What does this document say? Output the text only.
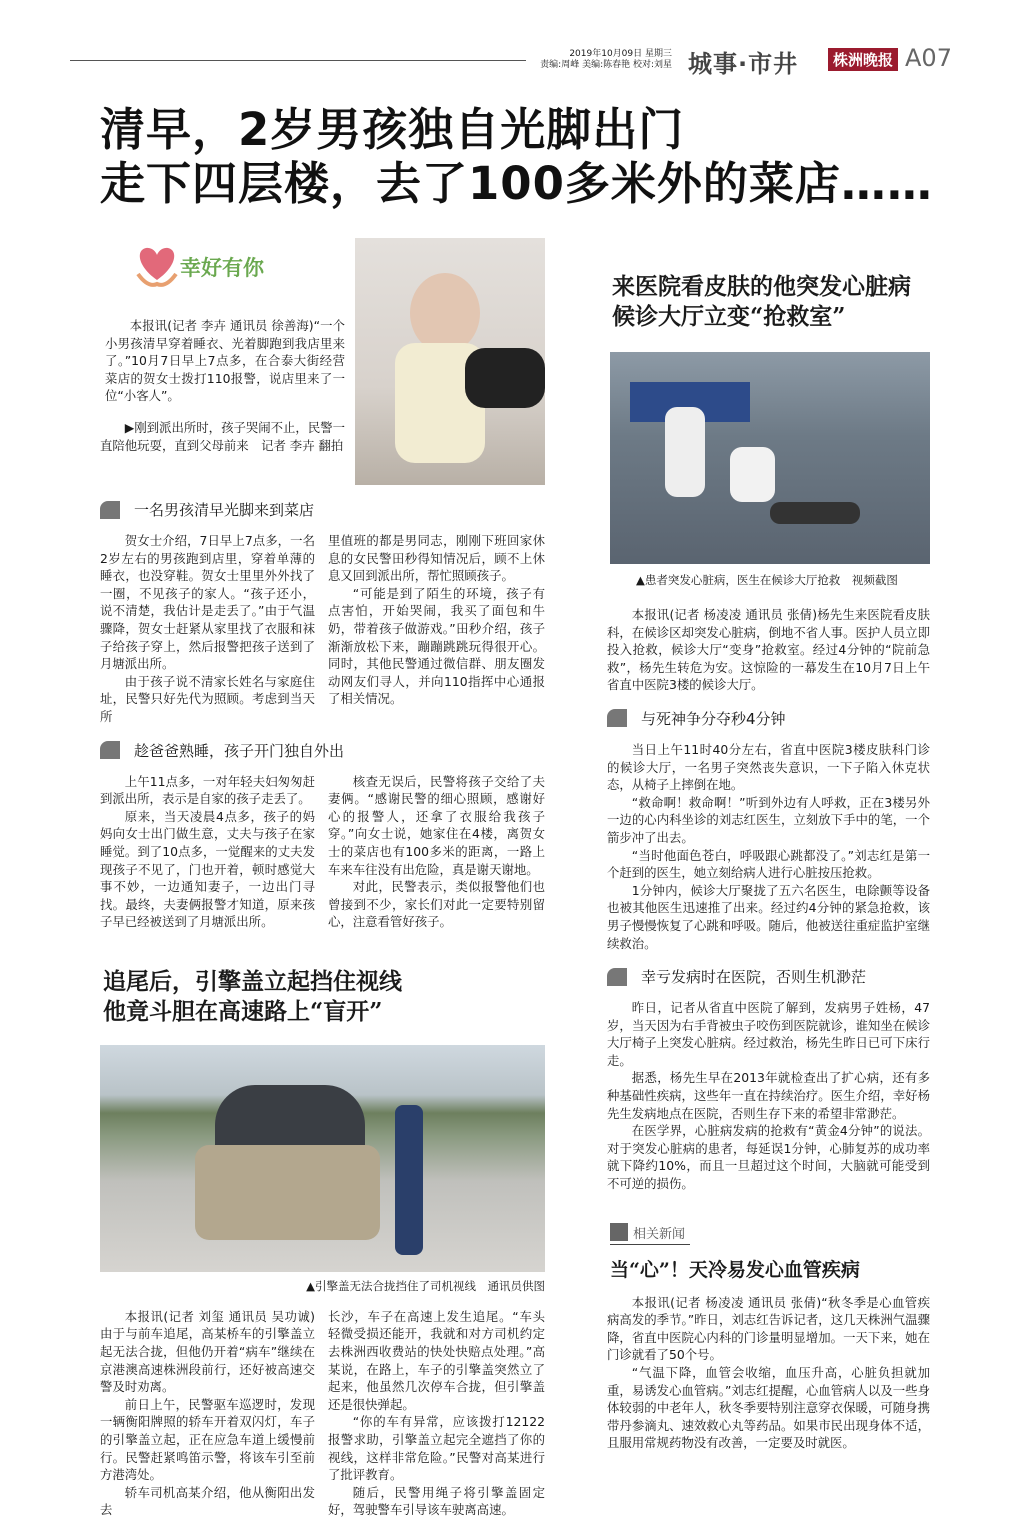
2019年10月09日 星期三
责编:周峰 美编:陈春艳 校对:刘星 城事·市井	株洲晚报 A07
清早，2岁男孩独自光脚出门
走下四层楼，去了100多米外的菜店……
幸好有你

本报讯(记者 李卉 通讯员 徐善海)“一个小男孩清早穿着睡衣、光着脚跑到我店里来了。”10月7日早上7点多，在合泰大街经营菜店的贺女士拨打110报警，说店里来了一位“小客人”。

▶刚到派出所时，孩子哭闹不止，民警一直陪他玩耍，直到父母前来　记者 李卉 翻拍

一名男孩清早光脚来到菜店

贺女士介绍，7日早上7点多，一名2岁左右的男孩跑到店里，穿着单薄的睡衣，也没穿鞋。贺女士里里外外找了一圈，不见孩子的家人。“孩子还小，说不清楚，我估计是走丢了。”由于气温骤降，贺女士赶紧从家里找了衣服和袜子给孩子穿上，然后报警把孩子送到了月塘派出所。

由于孩子说不清家长姓名与家庭住址，民警只好先代为照顾。考虑到当天所

里值班的都是男同志，刚刚下班回家休息的女民警田秒得知情况后，顾不上休息又回到派出所，帮忙照顾孩子。

“可能是到了陌生的环境，孩子有点害怕，开始哭闹，我买了面包和牛奶，带着孩子做游戏。”田秒介绍，孩子渐渐放松下来，蹦蹦跳跳玩得很开心。同时，其他民警通过微信群、朋友圈发动网友们寻人，并向110指挥中心通报了相关情况。

趁爸爸熟睡，孩子开门独自外出

上午11点多，一对年轻夫妇匆匆赶到派出所，表示是自家的孩子走丢了。

原来，当天凌晨4点多，孩子的妈妈向女士出门做生意，丈夫与孩子在家睡觉。到了10点多，一觉醒来的丈夫发现孩子不见了，门也开着，顿时感觉大事不妙，一边通知妻子，一边出门寻找。最终，夫妻俩报警才知道，原来孩子早已经被送到了月塘派出所。

核查无误后，民警将孩子交给了夫妻俩。“感谢民警的细心照顾，感谢好心的报警人，还拿了衣服给我孩子穿。”向女士说，她家住在4楼，离贺女士的菜店也有100多米的距离，一路上车来车往没有出危险，真是谢天谢地。

对此，民警表示，类似报警他们也曾接到不少，家长们对此一定要特别留心，注意看管好孩子。

追尾后，引擎盖立起挡住视线
他竟斗胆在高速路上“盲开”
▲引擎盖无法合拢挡住了司机视线　通讯员供图

本报讯(记者 刘玺 通讯员 吴功诚)由于与前车追尾，高某桥车的引擎盖立起无法合拢，但他仍开着“病车”继续在京港澳高速株洲段前行，还好被高速交警及时劝离。

前日上午，民警驱车巡逻时，发现一辆衡阳牌照的轿车开着双闪灯，车子的引擎盖立起，正在应急车道上缓慢前行。民警赶紧鸣笛示警，将该车引至前方港湾处。

轿车司机高某介绍，他从衡阳出发去

长沙，车子在高速上发生追尾。“车头轻微受损还能开，我就和对方司机约定去株洲西收费站的快处快赔点处理。”高某说，在路上，车子的引擎盖突然立了起来，他虽然几次停车合拢，但引擎盖还是很快弹起。

“你的车有异常，应该拨打12122报警求助，引擎盖立起完全遮挡了你的视线，这样非常危险。”民警对高某进行了批评教育。

随后，民警用绳子将引擎盖固定好，驾驶警车引导该车驶离高速。

来医院看皮肤的他突发心脏病
候诊大厅立变“抢救室”
▲患者突发心脏病，医生在候诊大厅抢救　视频截图

本报讯(记者 杨凌凌 通讯员 张倩)杨先生来医院看皮肤科，在候诊区却突发心脏病，倒地不省人事。医护人员立即投入抢救，候诊大厅“变身”抢救室。经过4分钟的“院前急救”，杨先生转危为安。这惊险的一幕发生在10月7日上午省直中医院3楼的候诊大厅。

与死神争分夺秒4分钟

当日上午11时40分左右，省直中医院3楼皮肤科门诊的候诊大厅，一名男子突然丧失意识，一下子陷入休克状态，从椅子上摔倒在地。

“救命啊！救命啊！”听到外边有人呼救，正在3楼另外一边的心内科坐诊的刘志红医生，立刻放下手中的笔，一个箭步冲了出去。

“当时他面色苍白，呼吸跟心跳都没了。”刘志红是第一个赶到的医生，她立刻给病人进行心脏按压抢救。

1分钟内，候诊大厅聚拢了五六名医生，电除颤等设备也被其他医生迅速推了出来。经过约4分钟的紧急抢救，该男子慢慢恢复了心跳和呼吸。随后，他被送往重症监护室继续救治。

幸亏发病时在医院，否则生机渺茫

昨日，记者从省直中医院了解到，发病男子姓杨，47岁，当天因为右手背被虫子咬伤到医院就诊，谁知坐在候诊大厅椅子上突发心脏病。经过救治，杨先生昨日已可下床行走。

据悉，杨先生早在2013年就检查出了扩心病，还有多种基础性疾病，这些年一直在持续治疗。医生介绍，幸好杨先生发病地点在医院，否则生存下来的希望非常渺茫。

在医学界，心脏病发病的抢救有“黄金4分钟”的说法。对于突发心脏病的患者，每延误1分钟，心肺复苏的成功率就下降约10%，而且一旦超过这个时间，大脑就可能受到不可逆的损伤。

相关新闻
当“心”！天冷易发心血管疾病

本报讯(记者 杨凌凌 通讯员 张倩)“秋冬季是心血管疾病高发的季节。”昨日，刘志红告诉记者，这几天株洲气温骤降，省直中医院心内科的门诊量明显增加。一天下来，她在门诊就看了50个号。

“气温下降，血管会收缩，血压升高，心脏负担就加重，易诱发心血管病。”刘志红提醒，心血管病人以及一些身体较弱的中老年人，秋冬季要特别注意穿衣保暖，可随身携带丹参滴丸、速效救心丸等药品。如果市民出现身体不适，且服用常规药物没有改善，一定要及时就医。
